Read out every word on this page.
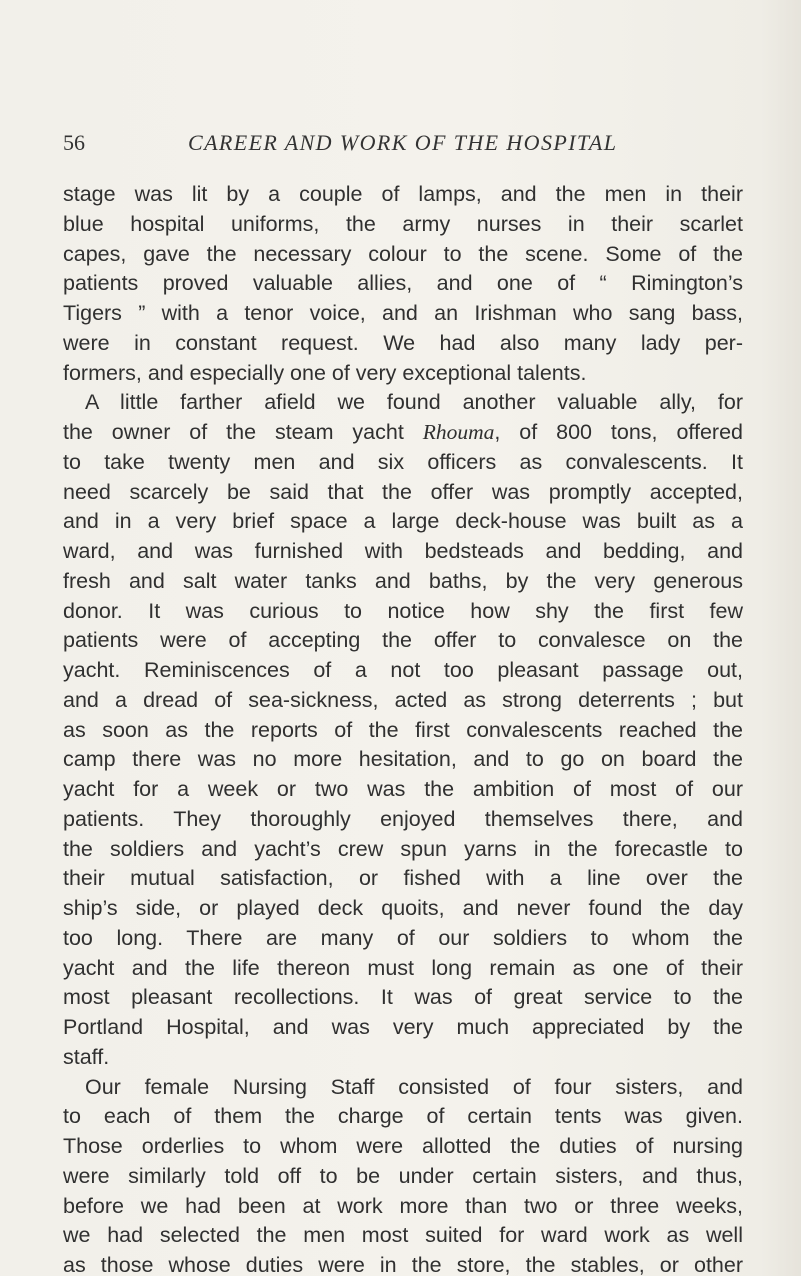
56	CAREER AND WORK OF THE HOSPITAL
stage was lit by a couple of lamps, and the men in their
blue hospital uniforms, the army nurses in their scarlet
capes, gave the necessary colour to the scene. Some of the
patients proved valuable allies, and one of “ Rimington’s
Tigers ” with a tenor voice, and an Irishman who sang bass,
were in constant request. We had also many lady per-
formers, and especially one of very exceptional talents.
A little farther afield we found another valuable ally, for
the owner of the steam yacht Rhouma, of 800 tons, offered
to take twenty men and six officers as convalescents. It
need scarcely be said that the offer was promptly accepted,
and in a very brief space a large deck-house was built as a
ward, and was furnished with bedsteads and bedding, and
fresh and salt water tanks and baths, by the very generous
donor. It was curious to notice how shy the first few
patients were of accepting the offer to convalesce on the
yacht. Reminiscences of a not too pleasant passage out,
and a dread of sea-sickness, acted as strong deterrents ; but
as soon as the reports of the first convalescents reached the
camp there was no more hesitation, and to go on board the
yacht for a week or two was the ambition of most of our
patients. They thoroughly enjoyed themselves there, and
the soldiers and yacht’s crew spun yarns in the forecastle to
their mutual satisfaction, or fished with a line over the
ship’s side, or played deck quoits, and never found the day
too long. There are many of our soldiers to whom the
yacht and the life thereon must long remain as one of their
most pleasant recollections. It was of great service to the
Portland Hospital, and was very much appreciated by the
staff.
Our female Nursing Staff consisted of four sisters, and
to each of them the charge of certain tents was given.
Those orderlies to whom were allotted the duties of nursing
were similarly told off to be under certain sisters, and thus,
before we had been at work more than two or three weeks,
we had selected the men most suited for ward work as well
as those whose duties were in the store, the stables, or other
